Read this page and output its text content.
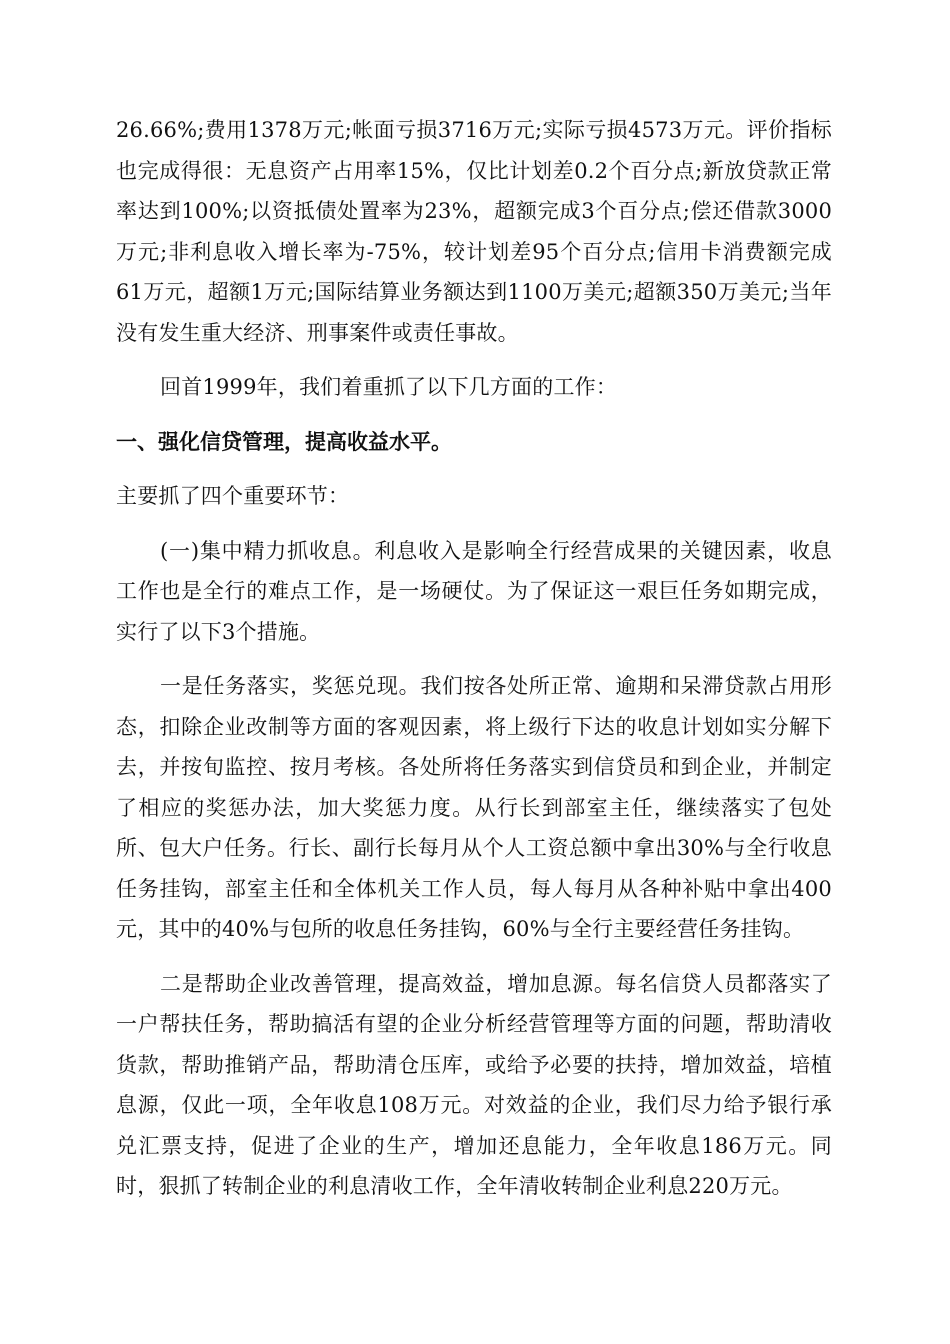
26.66%;费用1378万元;帐面亏损3716万元;实际亏损4573万元。评价指标也完成得很：无息资产占用率15%，仅比计划差0.2个百分点;新放贷款正常率达到100%;以资抵债处置率为23%，超额完成3个百分点;偿还借款3000万元;非利息收入增长率为-75%，较计划差95个百分点;信用卡消费额完成61万元，超额1万元;国际结算业务额达到1100万美元;超额350万美元;当年没有发生重大经济、刑事案件或责任事故。

回首1999年，我们着重抓了以下几方面的工作：

一、强化信贷管理，提高收益水平。

主要抓了四个重要环节：

(一)集中精力抓收息。利息收入是影响全行经营成果的关键因素，收息工作也是全行的难点工作，是一场硬仗。为了保证这一艰巨任务如期完成，实行了以下3个措施。

一是任务落实，奖惩兑现。我们按各处所正常、逾期和呆滞贷款占用形态，扣除企业改制等方面的客观因素，将上级行下达的收息计划如实分解下去，并按旬监控、按月考核。各处所将任务落实到信贷员和到企业，并制定了相应的奖惩办法，加大奖惩力度。从行长到部室主任，继续落实了包处所、包大户任务。行长、副行长每月从个人工资总额中拿出30%与全行收息任务挂钩，部室主任和全体机关工作人员，每人每月从各种补贴中拿出400元，其中的40%与包所的收息任务挂钩，60%与全行主要经营任务挂钩。

二是帮助企业改善管理，提高效益，增加息源。每名信贷人员都落实了一户帮扶任务，帮助搞活有望的企业分析经营管理等方面的问题，帮助清收货款，帮助推销产品，帮助清仓压库，或给予必要的扶持，增加效益，培植息源，仅此一项，全年收息108万元。对效益的企业，我们尽力给予银行承兑汇票支持，促进了企业的生产，增加还息能力，全年收息186万元。同时，狠抓了转制企业的利息清收工作，全年清收转制企业利息220万元。
